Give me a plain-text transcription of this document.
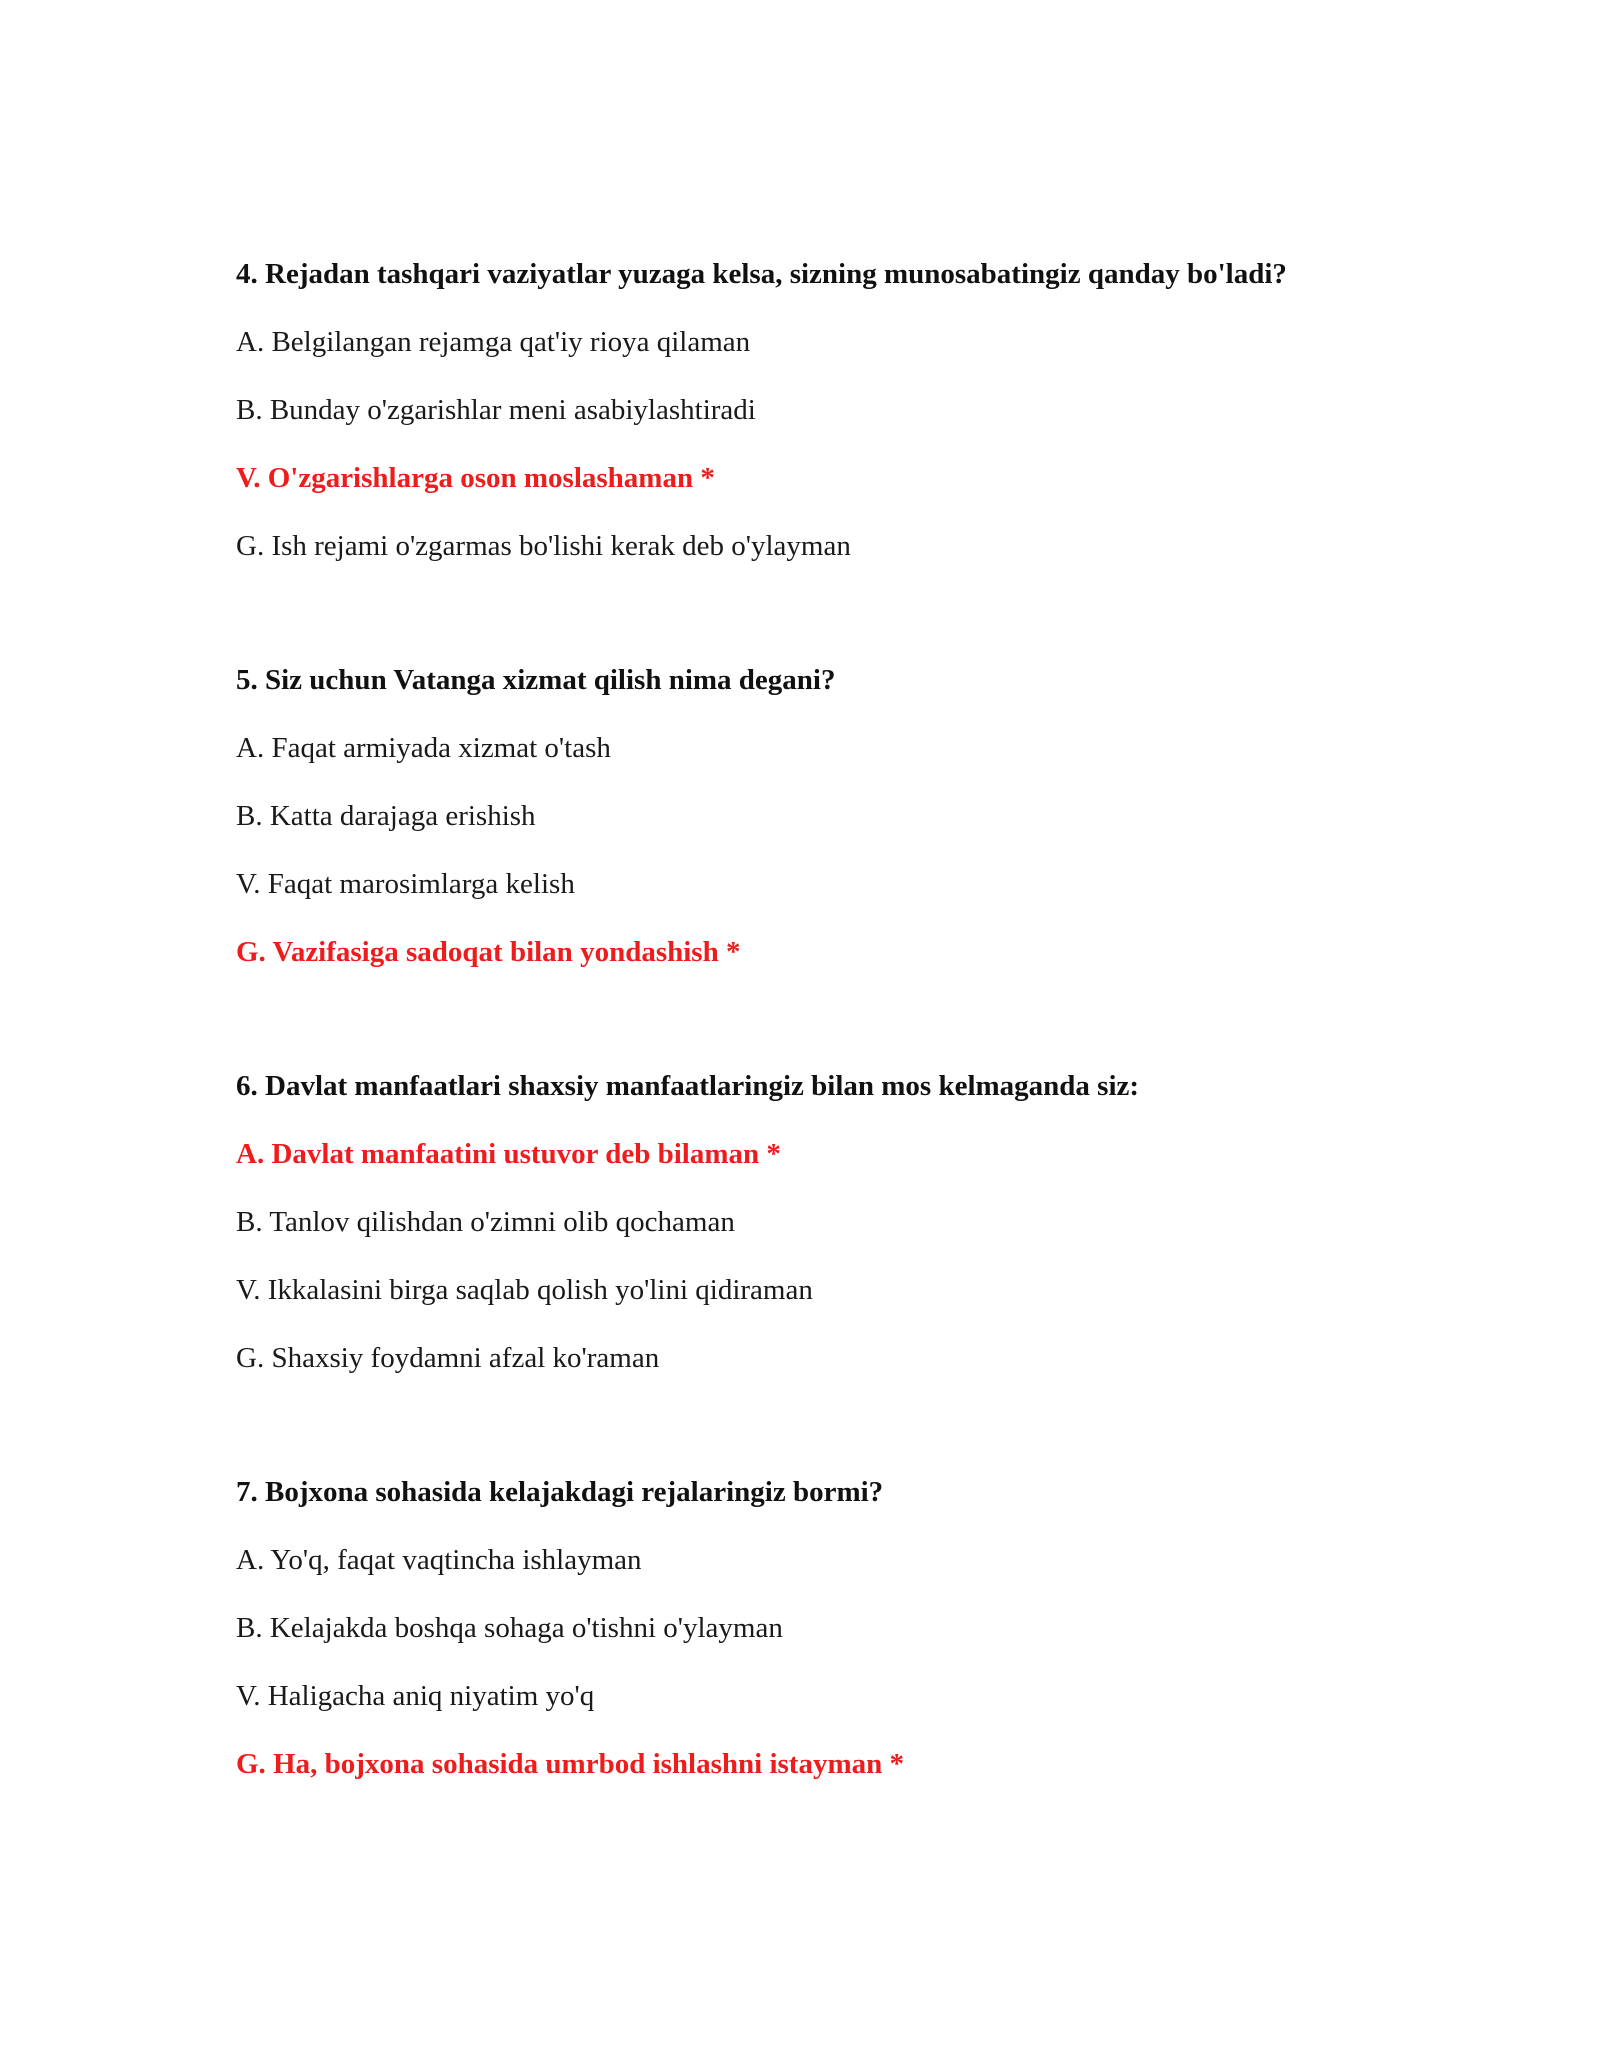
4. Rejadan tashqari vaziyatlar yuzaga kelsa, sizning munosabatingiz qanday bo'ladi?
A. Belgilangan rejamga qat'iy rioya qilaman
B. Bunday o'zgarishlar meni asabiylashtiradi
V. O'zgarishlarga oson moslashaman *
G. Ish rejami o'zgarmas bo'lishi kerak deb o'ylayman
5. Siz uchun Vatanga xizmat qilish nima degani?
A. Faqat armiyada xizmat o'tash
B. Katta darajaga erishish
V. Faqat marosimlarga kelish
G. Vazifasiga sadoqat bilan yondashish *
6. Davlat manfaatlari shaxsiy manfaatlaringiz bilan mos kelmaganda siz:
A. Davlat manfaatini ustuvor deb bilaman *
B. Tanlov qilishdan o'zimni olib qochaman
V. Ikkalasini birga saqlab qolish yo'lini qidiraman
G. Shaxsiy foydamni afzal ko'raman
7. Bojxona sohasida kelajakdagi rejalaringiz bormi?
A. Yo'q, faqat vaqtincha ishlayman
B. Kelajakda boshqa sohaga o'tishni o'ylayman
V. Haligacha aniq niyatim yo'q
G. Ha, bojxona sohasida umrbod ishlashni istayman *
